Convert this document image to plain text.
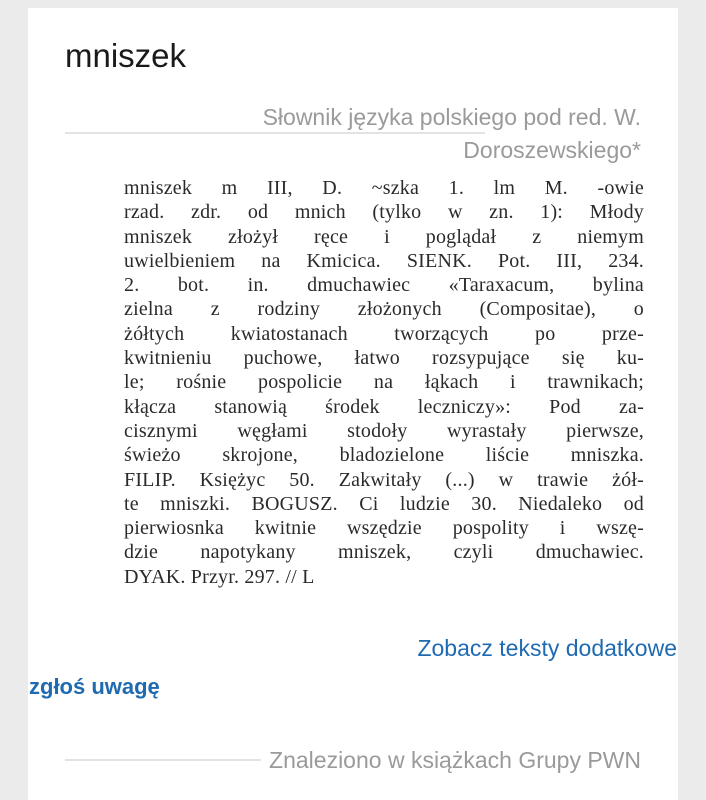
mniszek
Słownik języka polskiego pod red. W.
Doroszewskiego*

mniszek m III, D. ~szka 1. lm M. -owie

rzad. zdr. od mnich (tylko w zn. 1): Młody

mniszek złożył ręce i poglądał z niemym

uwielbieniem na Kmicica. SIENK. Pot. III, 234.

2. bot. in. dmuchawiec «Taraxacum, bylina

zielna z rodziny złożonych (Compositae), o

żółtych kwiatostanach tworzących po prze-

kwitnieniu puchowe, łatwo rozsypujące się ku-

le; rośnie pospolicie na łąkach i trawnikach;

kłącza stanowią środek leczniczy»: Pod za-

cisznymi węgłami stodoły wyrastały pierwsze,

świeżo skrojone, bladozielone liście mniszka.

FILIP. Księżyc 50. Zakwitały (...) w trawie żół-

te mniszki. BOGUSZ. Ci ludzie 30. Niedaleko od

pierwiosnka kwitnie wszędzie pospolity i wszę-

dzie napotykany mniszek, czyli dmuchawiec.

DYAK. Przyr. 297. // L

Znaleziono w książkach Grupy PWN
Zobacz teksty dodatkowe
zgłoś uwagę
